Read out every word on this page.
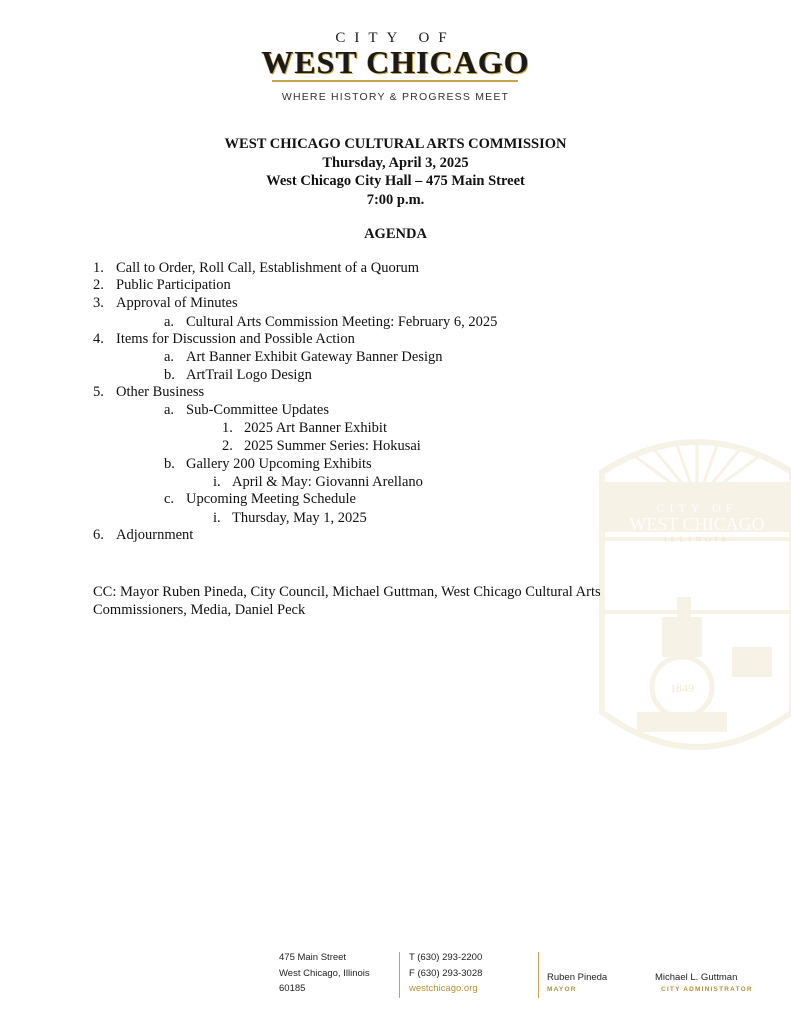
CITY OF
WEST CHICAGO
ILLINOIS
1849
CITY OF
WEST CHICAGO
WHERE HISTORY & PROGRESS MEET
WEST CHICAGO CULTURAL ARTS COMMISSION
Thursday, April 3, 2025
West Chicago City Hall – 475 Main Street
7:00 p.m.
AGENDA
1. Call to Order, Roll Call, Establishment of a Quorum
2. Public Participation
3. Approval of Minutes
a. Cultural Arts Commission Meeting: February 6, 2025
4. Items for Discussion and Possible Action
a. Art Banner Exhibit Gateway Banner Design
b. ArtTrail Logo Design
5. Other Business
a. Sub-Committee Updates
1. 2025 Art Banner Exhibit
2. 2025 Summer Series: Hokusai
b. Gallery 200 Upcoming Exhibits
i. April & May: Giovanni Arellano
c. Upcoming Meeting Schedule
i. Thursday, May 1, 2025
6. Adjournment
CC: Mayor Ruben Pineda, City Council, Michael Guttman, West Chicago Cultural Arts Commissioners, Media, Daniel Peck
475 Main Street
West Chicago, Illinois
60185
T (630) 293-2200
F (630) 293-3028
westchicago.org
Ruben Pineda
MAYOR
Michael L. Guttman
CITY ADMINISTRATOR
